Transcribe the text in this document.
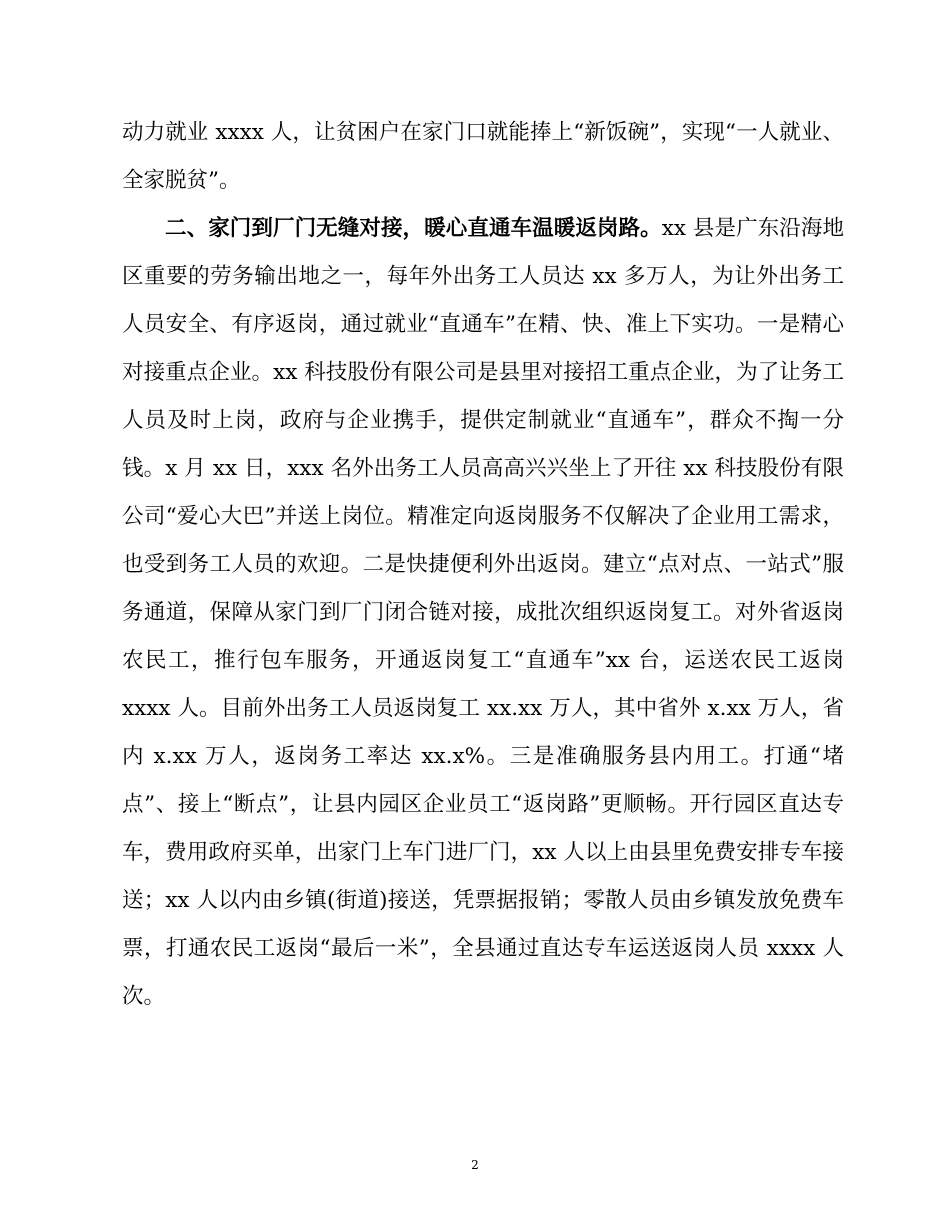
动力就业 xxxx 人，让贫困户在家门口就能捧上“新饭碗”，实现“一人就业、全家脱贫”。

二、家门到厂门无缝对接，暖心直通车温暖返岗路。xx 县是广东沿海地区重要的劳务输出地之一，每年外出务工人员达 xx 多万人，为让外出务工人员安全、有序返岗，通过就业“直通车”在精、快、准上下实功。一是精心对接重点企业。xx 科技股份有限公司是县里对接招工重点企业，为了让务工人员及时上岗，政府与企业携手，提供定制就业“直通车”，群众不掏一分钱。x 月 xx 日，xxx 名外出务工人员高高兴兴坐上了开往 xx 科技股份有限公司“爱心大巴”并送上岗位。精准定向返岗服务不仅解决了企业用工需求，也受到务工人员的欢迎。二是快捷便利外出返岗。建立“点对点、一站式”服务通道，保障从家门到厂门闭合链对接，成批次组织返岗复工。对外省返岗农民工，推行包车服务，开通返岗复工“直通车”xx 台，运送农民工返岗 xxxx 人。目前外出务工人员返岗复工 xx.xx 万人，其中省外 x.xx 万人，省内 x.xx 万人，返岗务工率达 xx.x%。三是准确服务县内用工。打通“堵点”、接上“断点”，让县内园区企业员工“返岗路”更顺畅。开行园区直达专车，费用政府买单，出家门上车门进厂门，xx 人以上由县里免费安排专车接送；xx 人以内由乡镇(街道)接送，凭票据报销；零散人员由乡镇发放免费车票，打通农民工返岗“最后一米”，全县通过直达专车运送返岗人员 xxxx 人次。

2
